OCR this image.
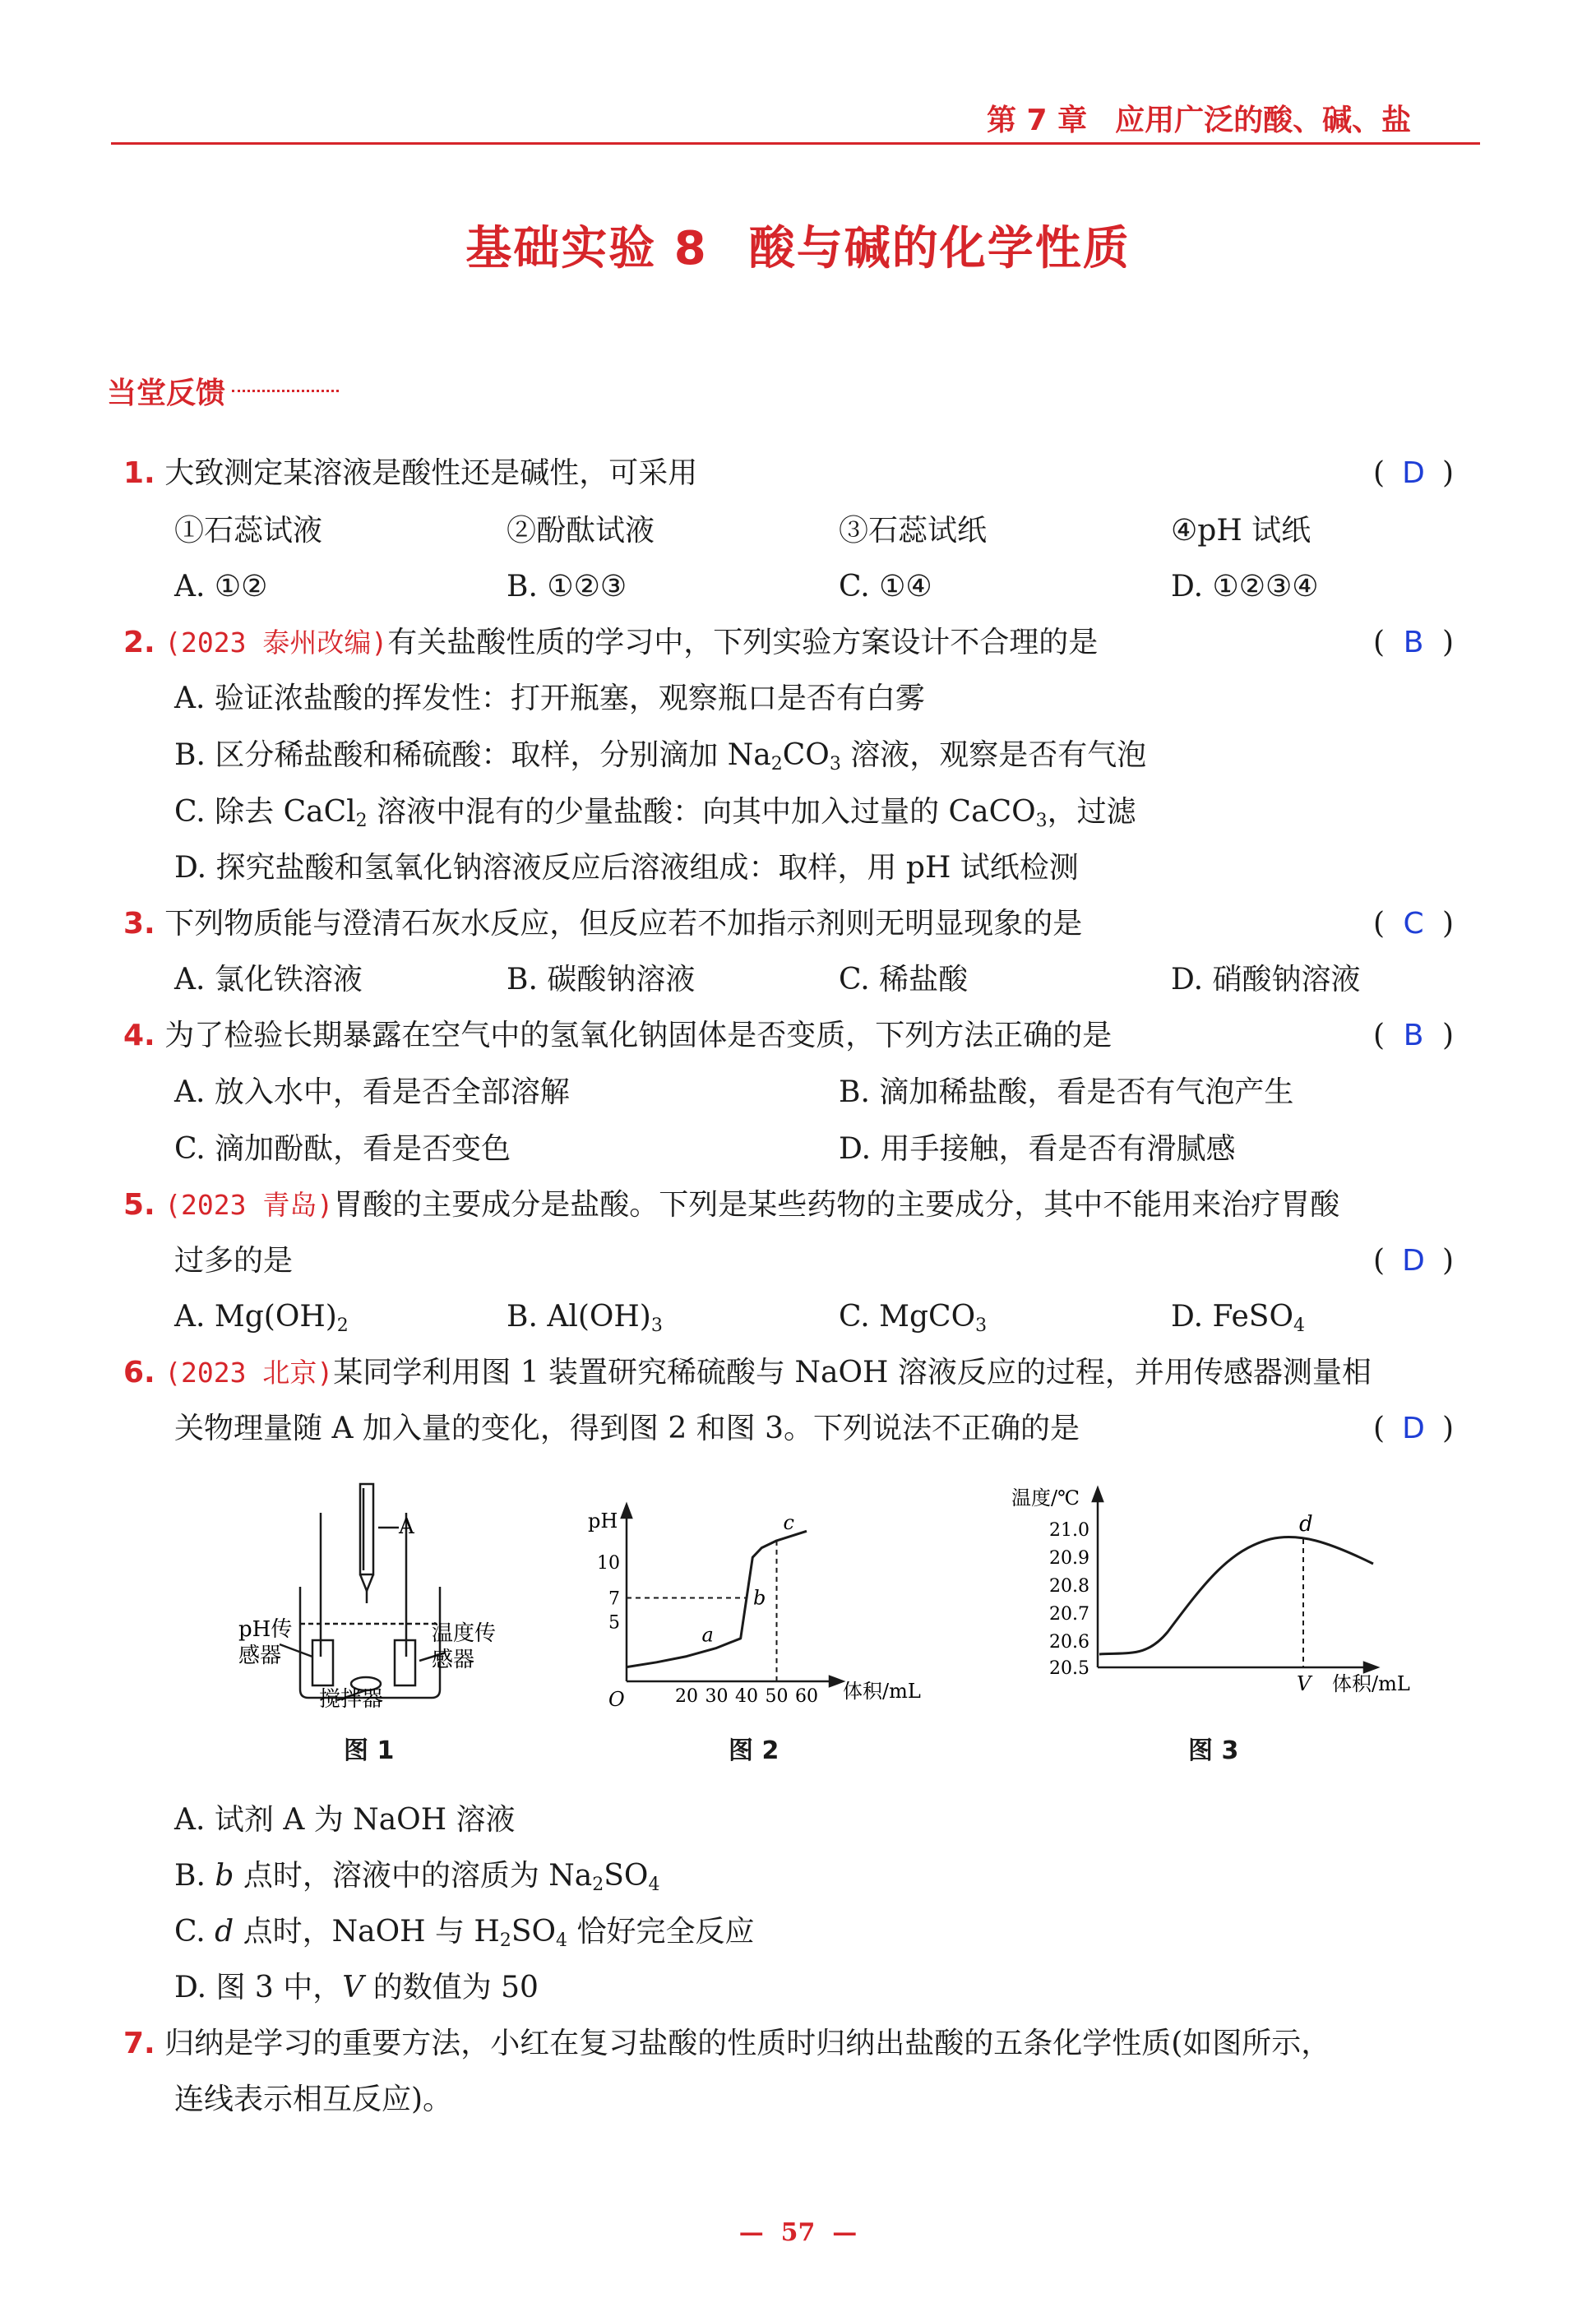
第 7 章 应用广泛的酸、碱、盐
基础实验 8 酸与碱的化学性质
当堂反馈
1. 大致测定某溶液是酸性还是碱性，可采用	( D )
①石蕊试液	②酚酞试液	③石蕊试纸	④pH 试纸
A. ①②	B. ①②③	C. ①④	D. ①②③④
2. (2023 泰州改编)有关盐酸性质的学习中，下列实验方案设计不合理的是	( B )
A. 验证浓盐酸的挥发性：打开瓶塞，观察瓶口是否有白雾
B. 区分稀盐酸和稀硫酸：取样，分别滴加 $Na_2CO_3$ 溶液，观察是否有气泡
C. 除去 CaCl$_2$ 溶液中混有的少量盐酸：向其中加入过量的 CaCO$_3$，过滤
D. 探究盐酸和氢氧化钠溶液反应后溶液组成：取样，用 pH 试纸检测
3. 下列物质能与澄清石灰水反应，但反应若不加指示剂则无明显现象的是	( C )
A. 氯化铁溶液	B. 碳酸钠溶液	C. 稀盐酸	D. 硝酸钠溶液
4. 为了检验长期暴露在空气中的氢氧化钠固体是否变质，下列方法正确的是	( B )
A. 放入水中，看是否全部溶解	B. 滴加稀盐酸，看是否有气泡产生
C. 滴加酚酞，看是否变色	D. 用手接触，看是否有滑腻感
5. (2023 青岛)胃酸的主要成分是盐酸。下列是某些药物的主要成分，其中不能用来治疗胃酸
过多的是	( D )
A. $Mg(OH)_2$	B. $Al(OH)_3$	C. MgCO$_3$	D. FeSO$_4$
6. (2023 北京)某同学利用图 1 装置研究稀硫酸与 NaOH 溶液反应的过程，并用传感器测量相
关物理量随 A 加入量的变化，得到图 2 和图 3。下列说法不正确的是	( D )
A
pH传
感器
温度传
感器
搅拌器
图 1
pH
体积/mL
O
5
7
10
20 30 40 50 60
a
b
c
图 2
温度/℃
21.0
20.9
20.8
20.7
20.6
20.5
d
V 体积/mL
图 3
A. 试剂 A 为 NaOH 溶液
B. b 点时，溶液中的溶质为 $Na_2SO_4$
C. d 点时，NaOH 与 $H_2SO_4$ 恰好完全反应
D. 图 3 中，V 的数值为 50
7. 归纳是学习的重要方法，小红在复习盐酸的性质时归纳出盐酸的五条化学性质(如图所示，
连线表示相互反应)。
—  57  —
